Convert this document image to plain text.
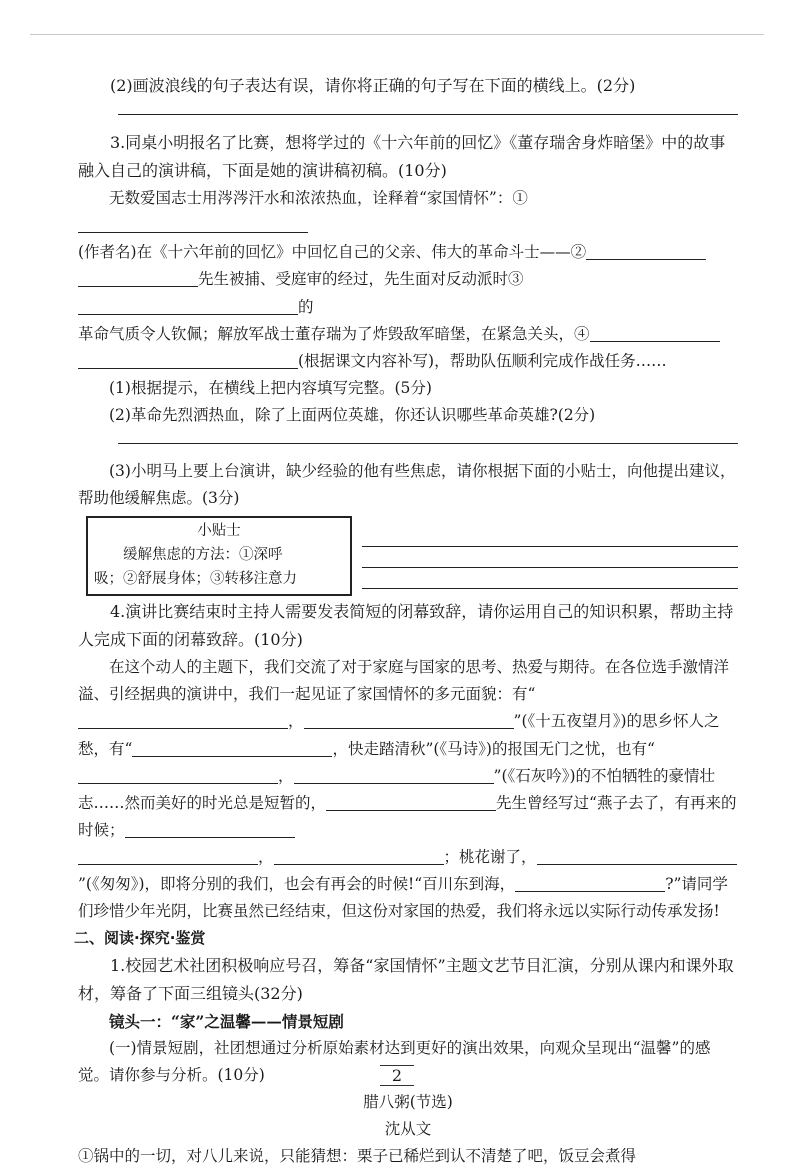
(2)画波浪线的句子表达有误，请你将正确的句子写在下面的横线上。(2分)

3.同桌小明报名了比赛，想将学过的《十六年前的回忆》《董存瑞舍身炸暗堡》中的故事融入自己的演讲稿，下面是她的演讲稿初稿。(10分)

无数爱国志士用涔涔汗水和浓浓热血，诠释着“家国情怀”：①
(作者名)在《十六年前的回忆》中回忆自己的父亲、伟大的革命斗士——②
先生被捕、受庭审的经过，先生面对反动派时③的
革命气质令人钦佩；解放军战士董存瑞为了炸毁敌军暗堡，在紧急关头，④
(根据课文内容补写)，帮助队伍顺利完成作战任务……

(1)根据提示，在横线上把内容填写完整。(5分)

(2)革命先烈洒热血，除了上面两位英雄，你还认识哪些革命英雄?(2分)

(3)小明马上要上台演讲，缺少经验的他有些焦虑，请你根据下面的小贴士，向他提出建议，帮助他缓解焦虑。(3分)

小贴士
缓解焦虑的方法：①深呼
吸；②舒展身体；③转移注意力

4.演讲比赛结束时主持人需要发表简短的闭幕致辞，请你运用自己的知识积累，帮助主持人完成下面的闭幕致辞。(10分)

在这个动人的主题下，我们交流了对于家庭与国家的思考、热爱与期待。在各位选手激情洋溢、引经据典的演讲中，我们一起见证了家国情怀的多元面貌：有“
，	”(《十五夜望月》)的思乡怀人之愁，有“	，快走踏清秋”(《马诗》)的报国无门之忧，也有“
，	”(《石灰吟》)的不怕牺牲的豪情壮志……然而美好的时光总是短暂的，	先生曾经写过“燕子去了，有再来的时候；
，	；桃花谢了，”(《匆匆》)，即将分别的我们，也会有再会的时候!“百川东到海，	?”请同学们珍惜少年光阴，比赛虽然已经结束，但这份对家国的热爱，我们将永远以实际行动传承发扬!

二、阅读·探究·鉴赏

1.校园艺术社团积极响应号召，筹备“家国情怀”主题文艺节目汇演，分别从课内和课外取材，筹备了下面三组镜头(32分)

镜头一：“家”之温馨——情景短剧

(一)情景短剧，社团想通过分析原始素材达到更好的演出效果，向观众呈现出“温馨”的感觉。请你参与分析。(10分)

腊八粥(节选)

沈从文

①锅中的一切，对八儿来说，只能猜想：栗子已稀烂到认不清楚了吧，饭豆会煮得

2
